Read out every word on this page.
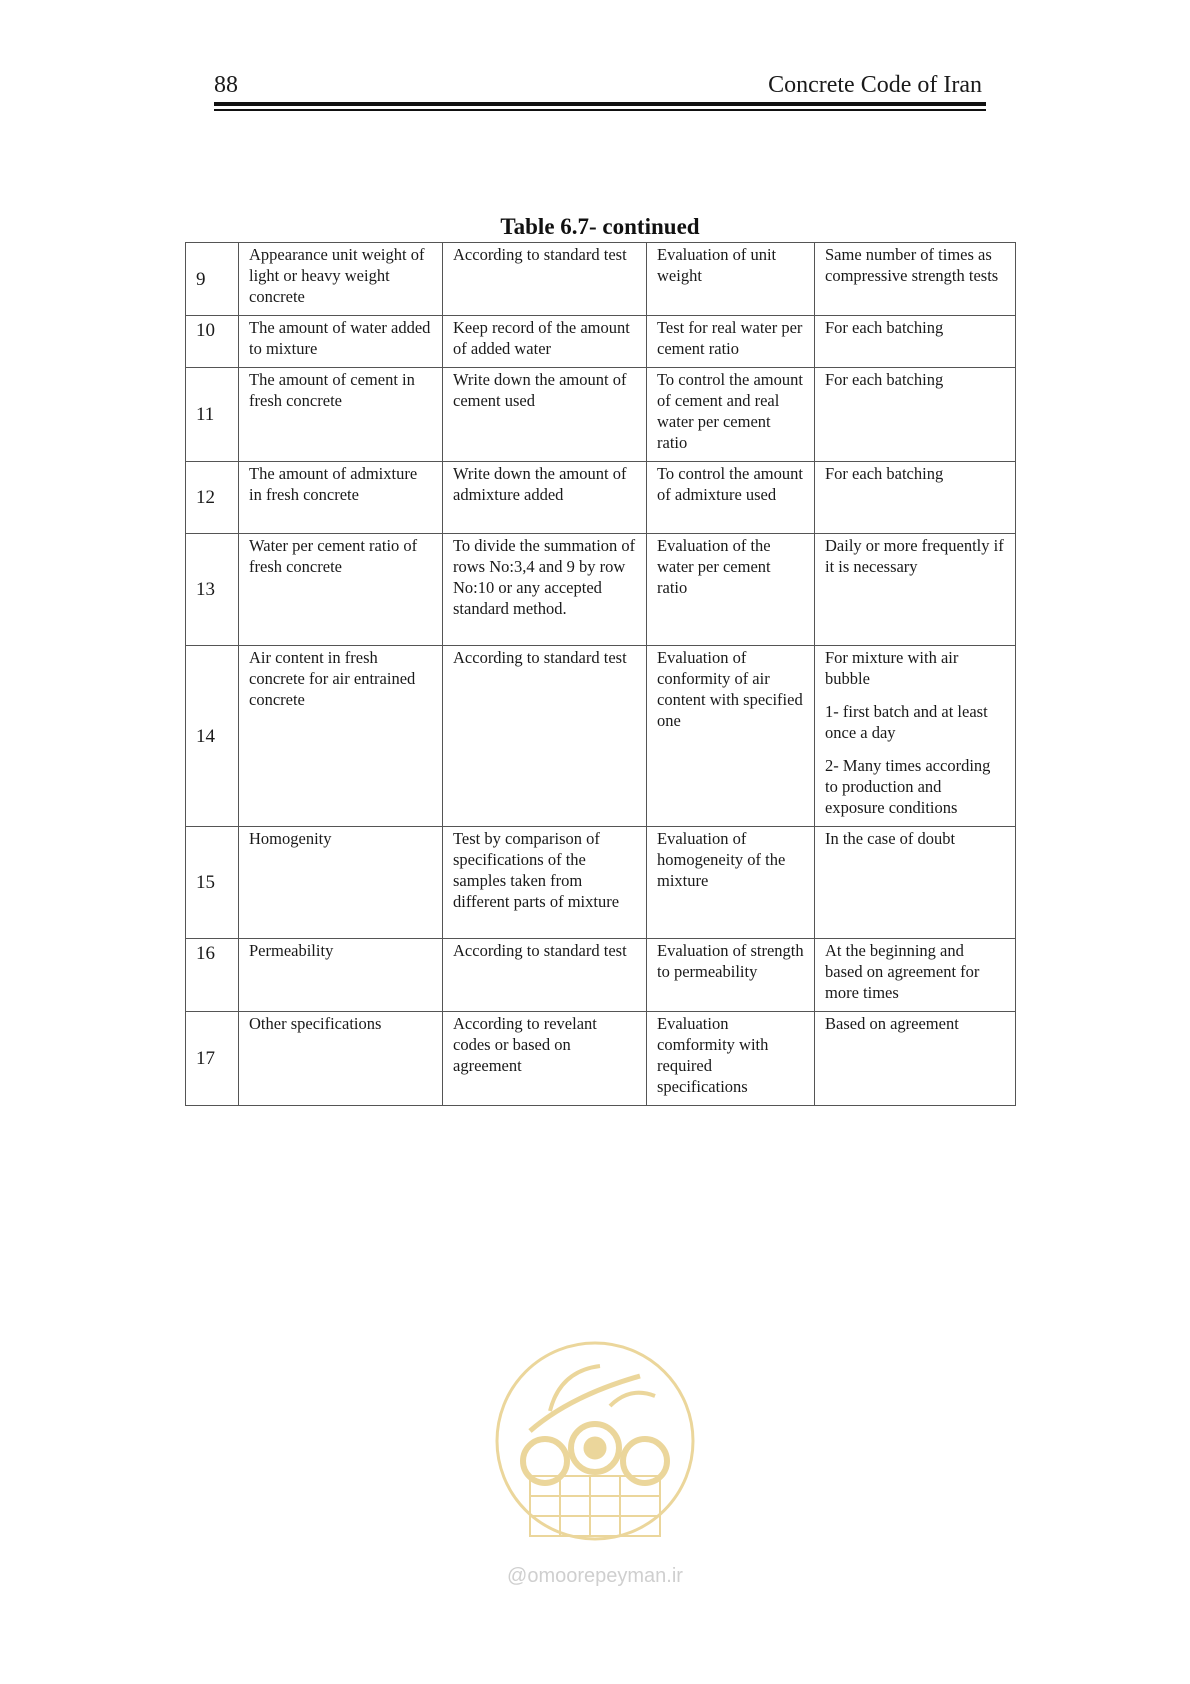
88	Concrete Code of Iran
Table 6.7- continued
9	Appearance unit weight of light or heavy weight concrete	According to standard test	Evaluation of unit weight	Same number of times as compressive strength tests

10	The amount of water added to mixture	Keep record of the amount of added water	Test for real water per cement ratio	For each batching

11	The amount of cement in fresh concrete	Write down the amount of cement used	To control the amount of cement and real water per cement ratio	For each batching

12	The amount of admixture in fresh concrete	Write down the amount of admixture added	To control the amount of admixture used	For each batching

13	Water per cement ratio of fresh concrete	To divide the summation of rows No:3,4 and 9 by row No:10 or any accepted standard method.	Evaluation of the water per cement ratio	Daily or more frequently if it is necessary

14	Air content in fresh concrete for air entrained concrete	According to standard test	Evaluation of conformity of air content with specified one	For mixture with air bubble
1- first batch and at least once a day
2- Many times according to production and exposure conditions

15	Homogenity	Test by comparison of specifications of the samples taken from different parts of mixture	Evaluation of homogeneity of the mixture	In the case of doubt

16	Permeability	According to standard test	Evaluation of strength to permeability	At the beginning and based on agreement for more times

17	Other specifications	According to revelant codes or based on agreement	Evaluation comformity with required specifications	Based on agreement
@omoorepeyman.ir
